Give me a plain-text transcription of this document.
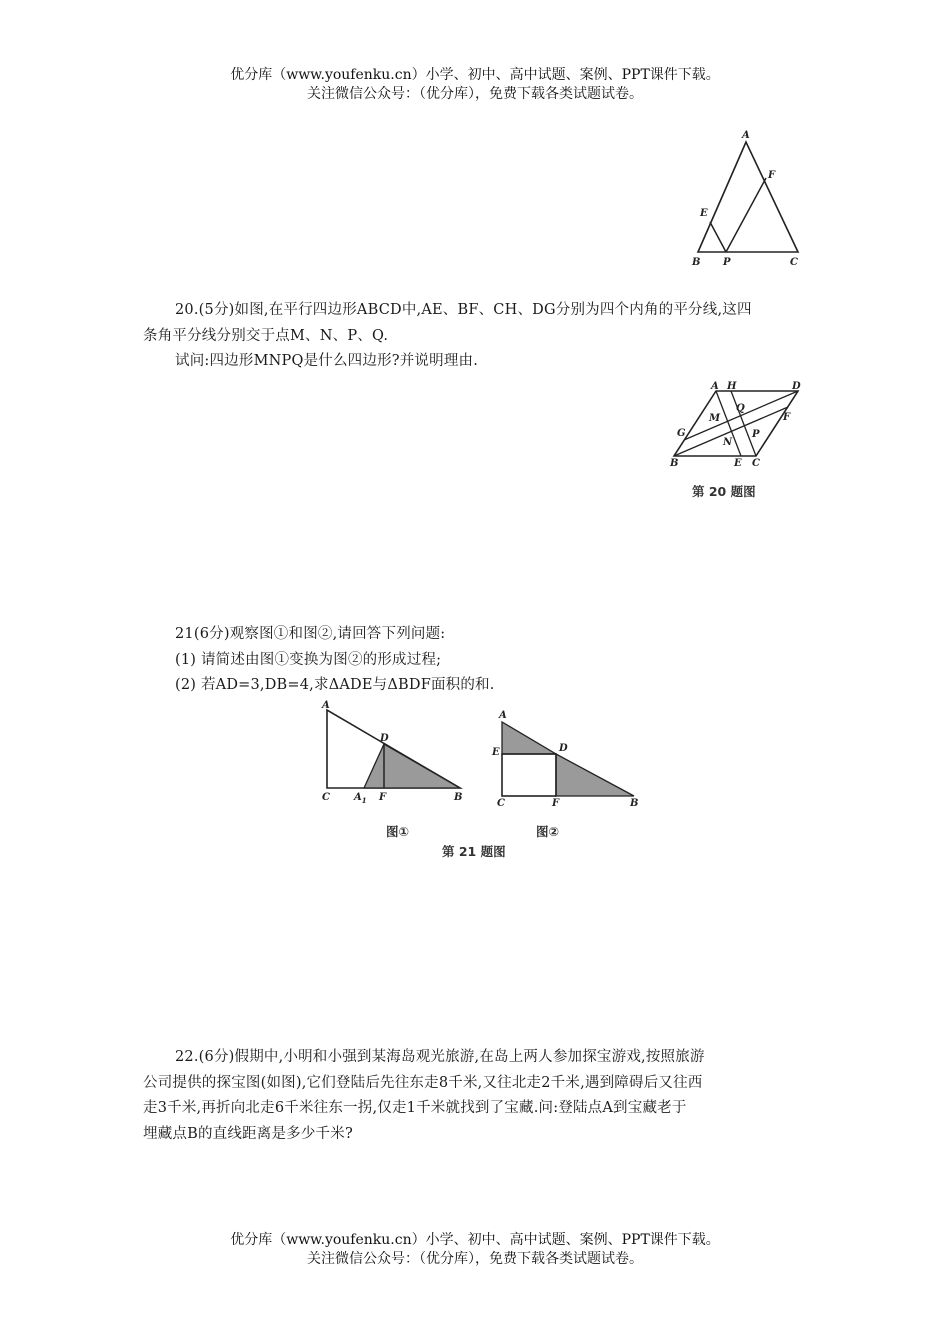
优分库（www.youfenku.cn）小学、初中、高中试题、案例、PPT课件下载。
关注微信公众号：（优分库），免费下载各类试题试卷。
A
F
E
B P	C

20.(5分)如图,在平行四边形ABCD中,AE、BF、CH、DG分别为四个内角的平分线,这四

条角平分线分别交于点M、N、P、Q.

试问:四边形MNPQ是什么四边形?并说明理由.

A H	D
M
Q
F
G
N
P
B	E C
第 20 题图

21(6分)观察图①和图②,请回答下列问题:

(1) 请简述由图①变换为图②的形成过程;

(2) 若AD=3,DB=4,求ΔADE与ΔBDF面积的和.

A
D
C $A_1$ F	B
A
E	D
C	F	B
图①	图②
第 21 题图

22.(6分)假期中,小明和小强到某海岛观光旅游,在岛上两人参加探宝游戏,按照旅游

公司提供的探宝图(如图),它们登陆后先往东走8千米,又往北走2千米,遇到障碍后又往西

走3千米,再折向北走6千米往东一拐,仅走1千米就找到了宝藏.问:登陆点A到宝藏老于

埋藏点B的直线距离是多少千米?

优分库（www.youfenku.cn）小学、初中、高中试题、案例、PPT课件下载。
关注微信公众号：（优分库），免费下载各类试题试卷。
